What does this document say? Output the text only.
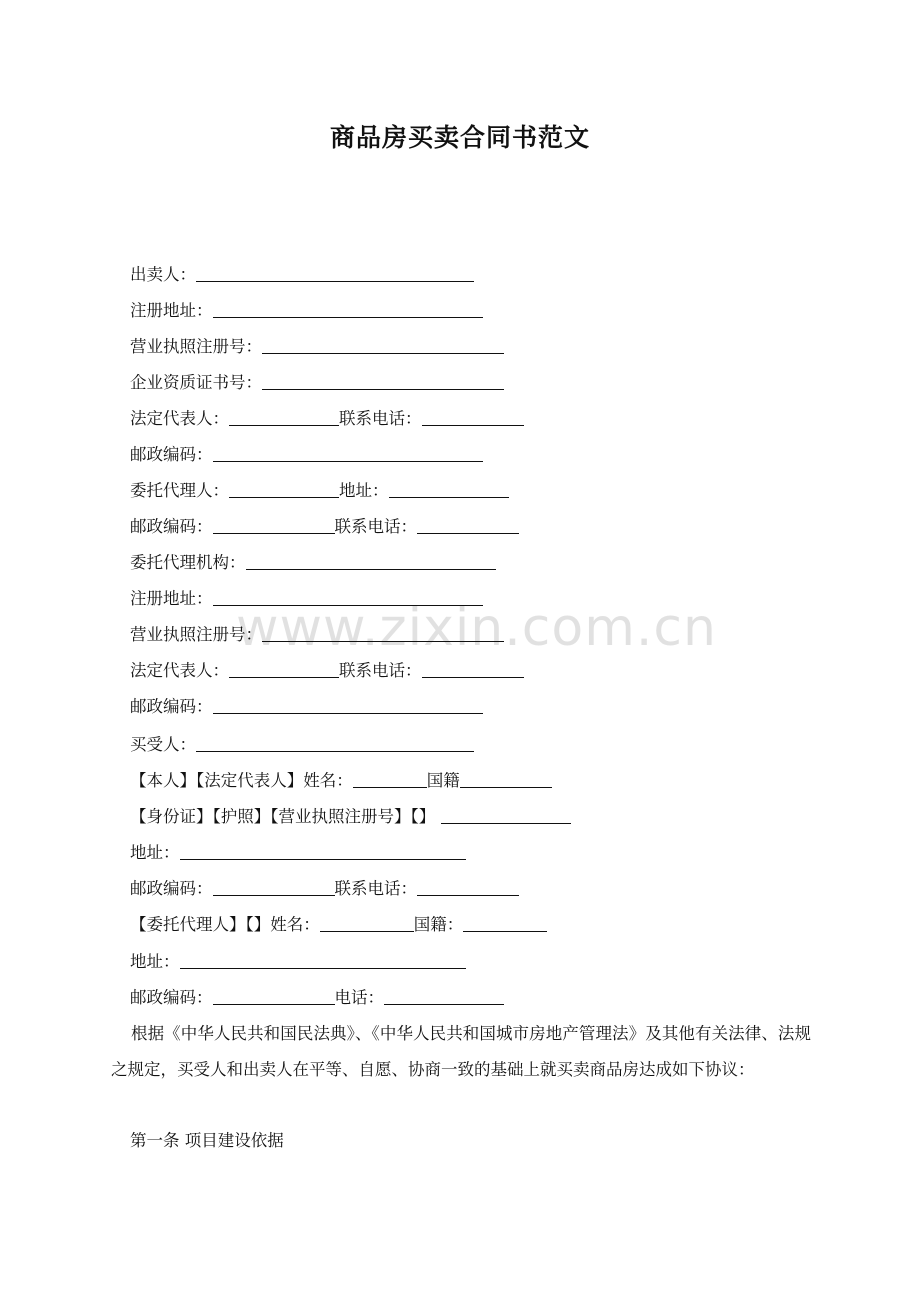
商品房买卖合同书范文
www.zixin.com.cn
出卖人：
注册地址：
营业执照注册号：
企业资质证书号：
法定代表人：	联系电话：
邮政编码：
委托代理人：	地址：
邮政编码：	联系电话：
委托代理机构：
注册地址：
营业执照注册号：
法定代表人：	联系电话：
邮政编码：
买受人：
【本人】【法定代表人】姓名：	国籍
【身份证】【护照】【营业执照注册号】【】
地址：
邮政编码：	联系电话：
【委托代理人】【】姓名：	国籍：
地址：
邮政编码：	电话：
根据《中华人民共和国民法典》、《中华人民共和国城市房地产管理法》及其他有关法律、法规之规定，买受人和出卖人在平等、自愿、协商一致的基础上就买卖商品房达成如下协议：
第一条 项目建设依据
